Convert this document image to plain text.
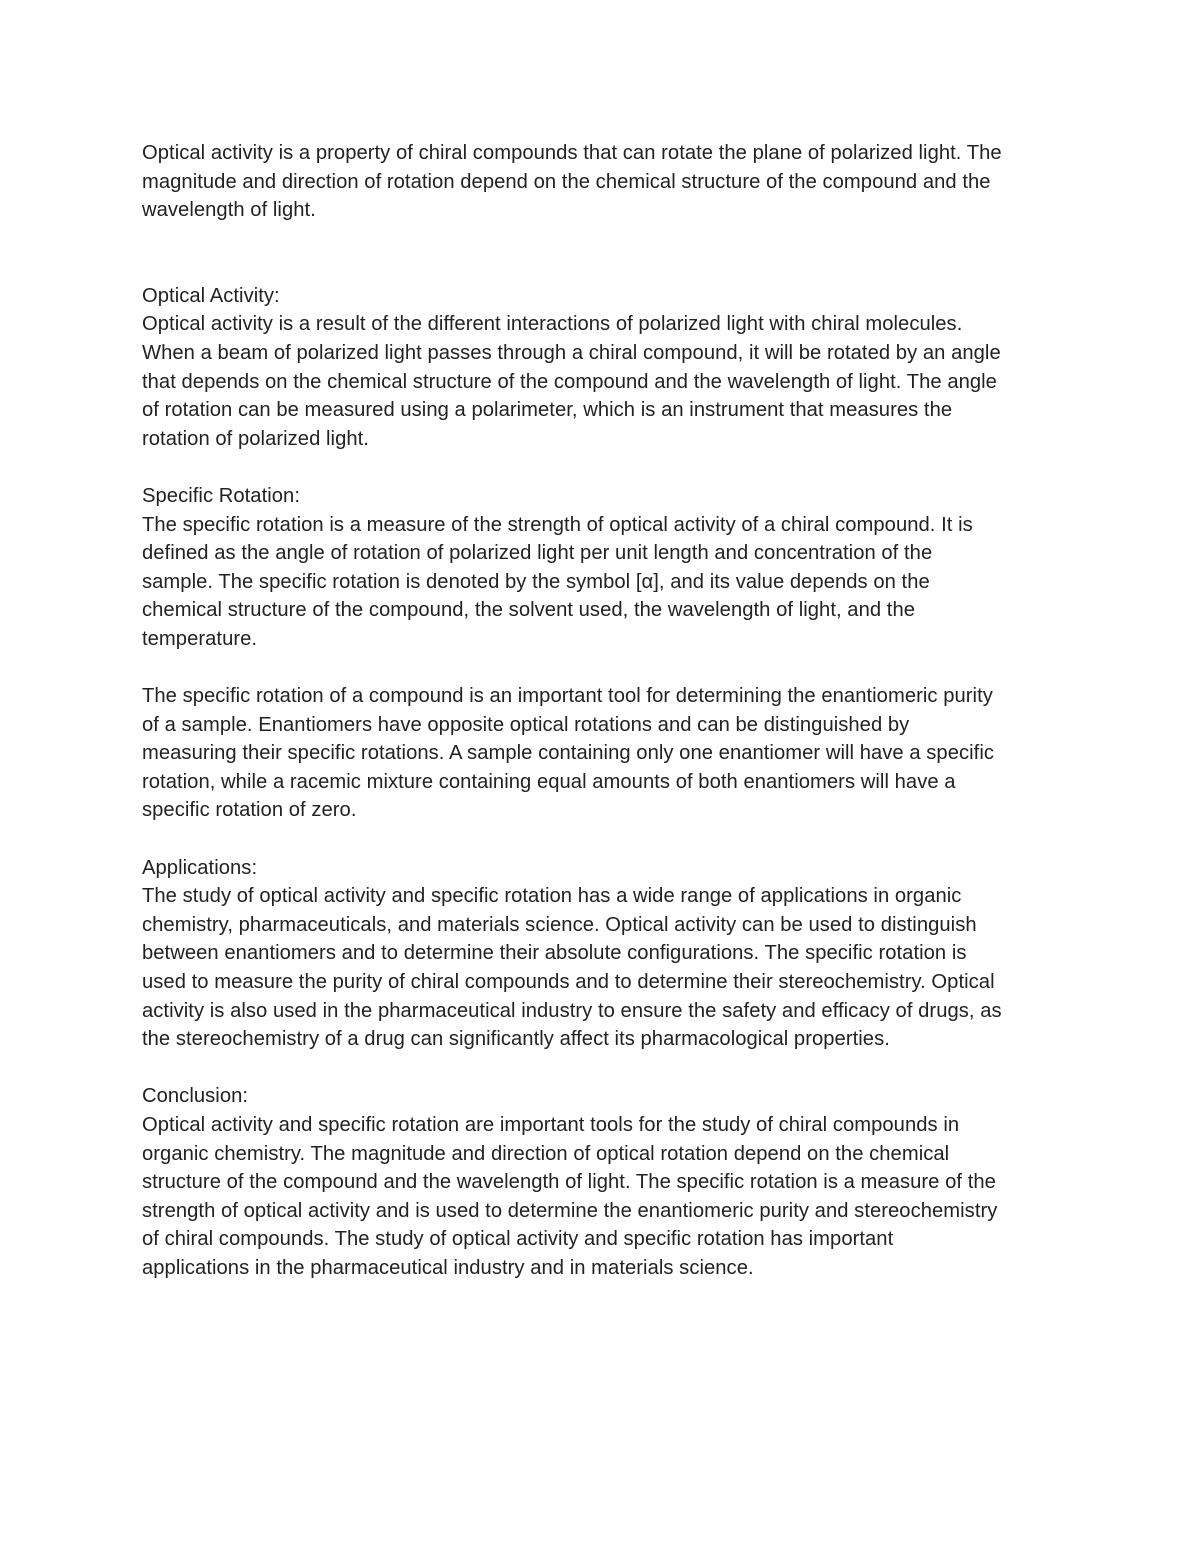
Optical activity is a property of chiral compounds that can rotate the plane of polarized light. The
magnitude and direction of rotation depend on the chemical structure of the compound and the
wavelength of light.

Optical Activity:

Optical activity is a result of the different interactions of polarized light with chiral molecules.
When a beam of polarized light passes through a chiral compound, it will be rotated by an angle
that depends on the chemical structure of the compound and the wavelength of light. The angle
of rotation can be measured using a polarimeter, which is an instrument that measures the
rotation of polarized light.

Specific Rotation:

The specific rotation is a measure of the strength of optical activity of a chiral compound. It is
defined as the angle of rotation of polarized light per unit length and concentration of the
sample. The specific rotation is denoted by the symbol [α], and its value depends on the
chemical structure of the compound, the solvent used, the wavelength of light, and the
temperature.

The specific rotation of a compound is an important tool for determining the enantiomeric purity
of a sample. Enantiomers have opposite optical rotations and can be distinguished by
measuring their specific rotations. A sample containing only one enantiomer will have a specific
rotation, while a racemic mixture containing equal amounts of both enantiomers will have a
specific rotation of zero.

Applications:

The study of optical activity and specific rotation has a wide range of applications in organic
chemistry, pharmaceuticals, and materials science. Optical activity can be used to distinguish
between enantiomers and to determine their absolute configurations. The specific rotation is
used to measure the purity of chiral compounds and to determine their stereochemistry. Optical
activity is also used in the pharmaceutical industry to ensure the safety and efficacy of drugs, as
the stereochemistry of a drug can significantly affect its pharmacological properties.

Conclusion:

Optical activity and specific rotation are important tools for the study of chiral compounds in
organic chemistry. The magnitude and direction of optical rotation depend on the chemical
structure of the compound and the wavelength of light. The specific rotation is a measure of the
strength of optical activity and is used to determine the enantiomeric purity and stereochemistry
of chiral compounds. The study of optical activity and specific rotation has important
applications in the pharmaceutical industry and in materials science.
